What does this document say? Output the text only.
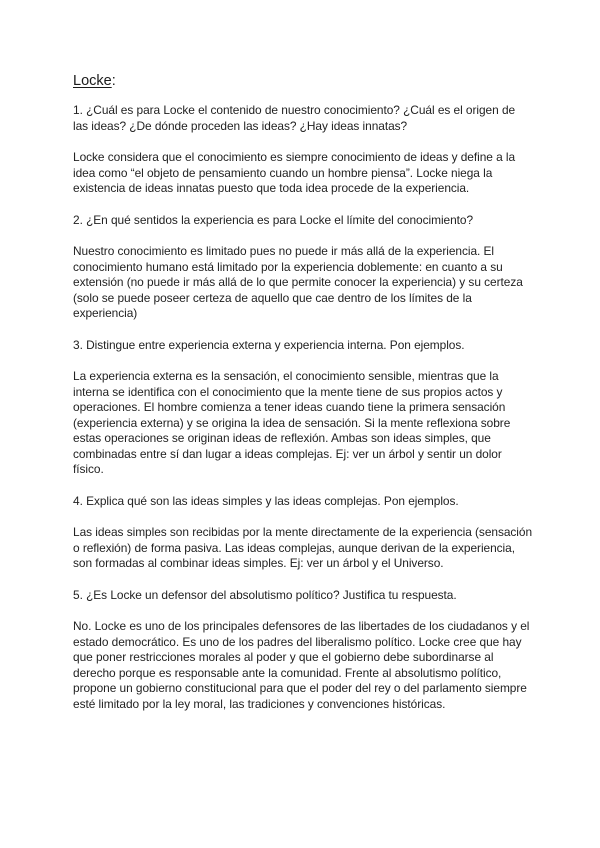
Locke:

1. ¿Cuál es para Locke el contenido de nuestro conocimiento? ¿Cuál es el origen de las ideas? ¿De dónde proceden las ideas? ¿Hay ideas innatas?

Locke considera que el conocimiento es siempre conocimiento de ideas y define a la idea como “el objeto de pensamiento cuando un hombre piensa”. Locke niega la existencia de ideas innatas puesto que toda idea procede de la experiencia.

2. ¿En qué sentidos la experiencia es para Locke el límite del conocimiento?

Nuestro conocimiento es limitado pues no puede ir más allá de la experiencia. El conocimiento humano está limitado por la experiencia doblemente: en cuanto a su extensión (no puede ir más allá de lo que permite conocer la experiencia) y su certeza (solo se puede poseer certeza de aquello que cae dentro de los límites de la experiencia)

3. Distingue entre experiencia externa y experiencia interna. Pon ejemplos.

La experiencia externa es la sensación, el conocimiento sensible, mientras que la interna se identifica con el conocimiento que la mente tiene de sus propios actos y operaciones. El hombre comienza a tener ideas cuando tiene la primera sensación (experiencia externa) y se origina la idea de sensación. Si la mente reflexiona sobre estas operaciones se originan ideas de reflexión. Ambas son ideas simples, que combinadas entre sí dan lugar a ideas complejas. Ej: ver un árbol y sentir un dolor físico.

4. Explica qué son las ideas simples y las ideas complejas. Pon ejemplos.

Las ideas simples son recibidas por la mente directamente de la experiencia (sensación o reflexión) de forma pasiva. Las ideas complejas, aunque derivan de la experiencia, son formadas al combinar ideas simples. Ej: ver un árbol y el Universo.

5. ¿Es Locke un defensor del absolutismo político? Justifica tu respuesta.

No. Locke es uno de los principales defensores de las libertades de los ciudadanos y el estado democrático. Es uno de los padres del liberalismo político. Locke cree que hay que poner restricciones morales al poder y que el gobierno debe subordinarse al derecho porque es responsable ante la comunidad. Frente al absolutismo político, propone un gobierno constitucional para que el poder del rey o del parlamento siempre esté limitado por la ley moral, las tradiciones y convenciones históricas.
